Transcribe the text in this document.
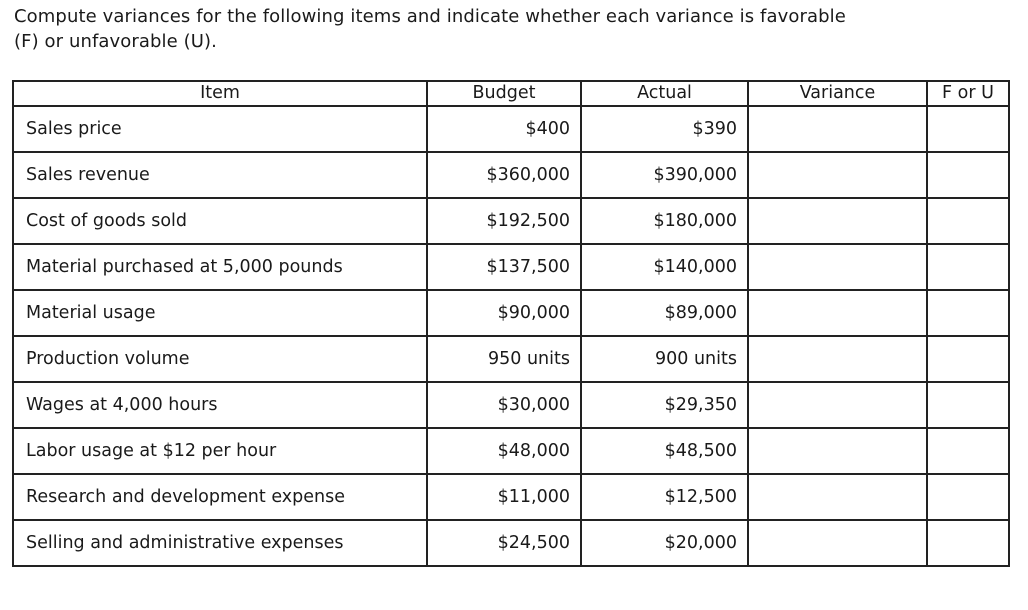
Compute variances for the following items and indicate whether each variance is favorable
(F) or unfavorable (U).
Item	Budget	Actual	Variance	F or U
Sales price	$400	$390		
Sales revenue	$360,000	$390,000		
Cost of goods sold	$192,500	$180,000		
Material purchased at 5,000 pounds	$137,500	$140,000		
Material usage	$90,000	$89,000		
Production volume	950 units	900 units		
Wages at 4,000 hours	$30,000	$29,350		
Labor usage at $12 per hour	$48,000	$48,500		
Research and development expense	$11,000	$12,500		
Selling and administrative expenses	$24,500	$20,000		
